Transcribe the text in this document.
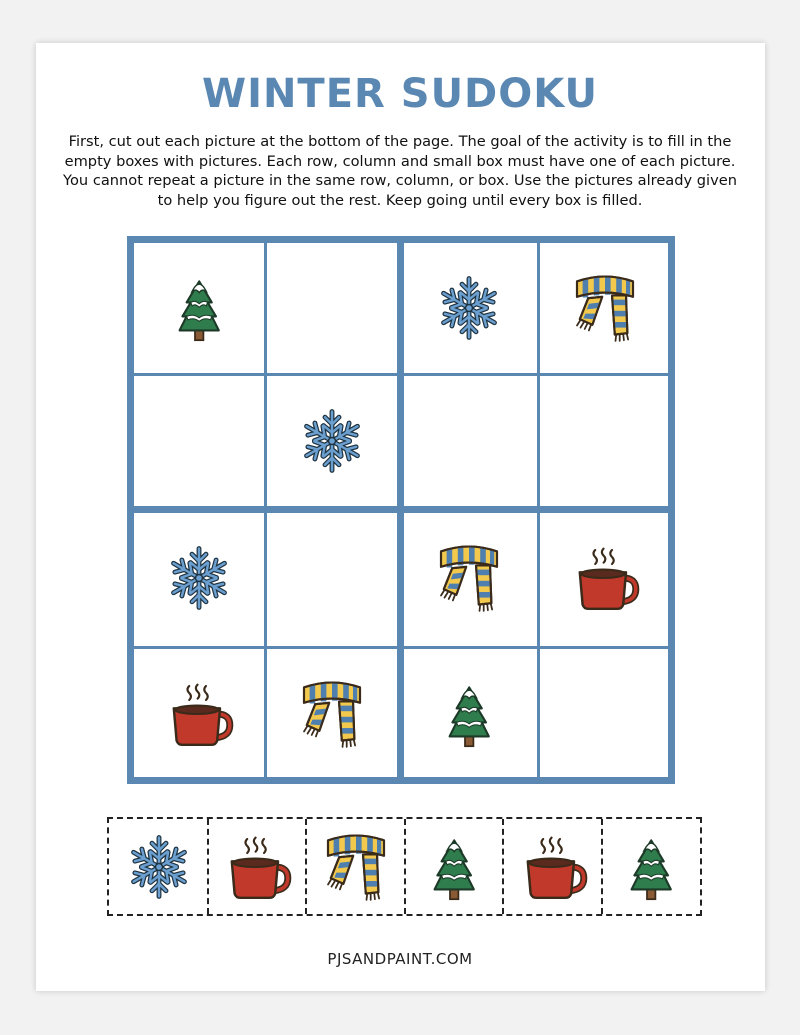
WINTER SUDOKU

First, cut out each picture at the bottom of the page. The goal of the activity is to fill in the empty boxes with pictures. Each row, column and small box must have one of each picture. You cannot repeat a picture in the same row, column, or box. Use the pictures already given to help you figure out the rest. Keep going until every box is filled.

PJSANDPAINT.COM
